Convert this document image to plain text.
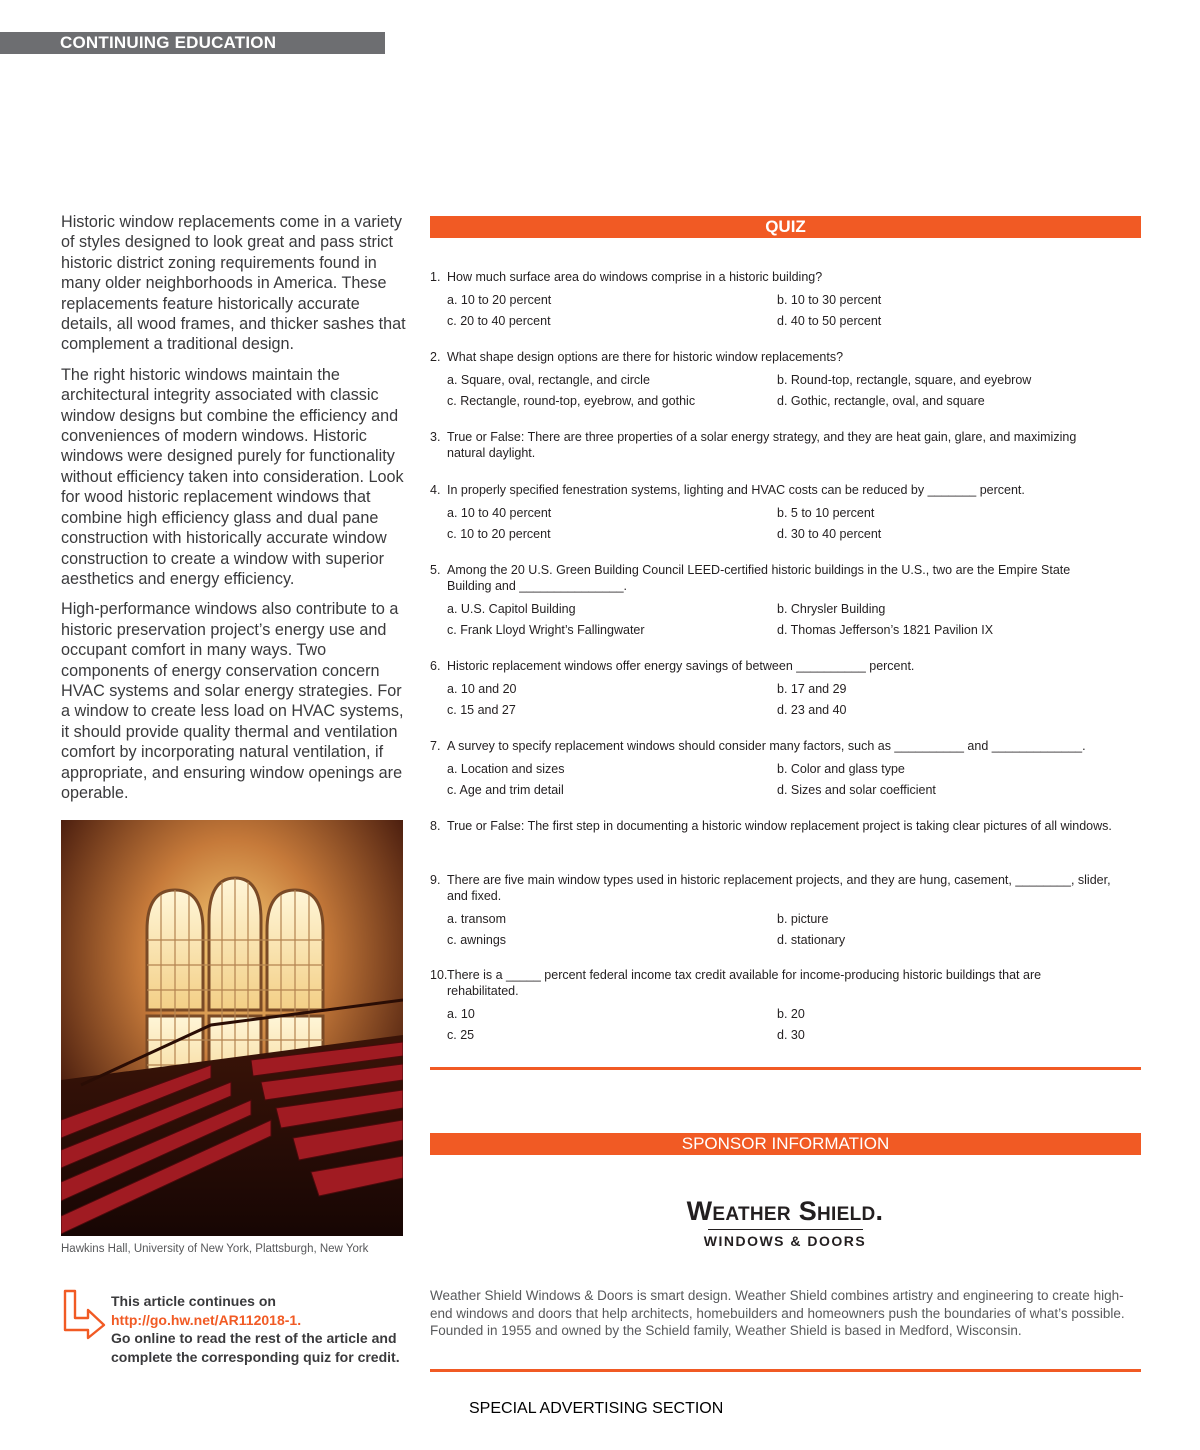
CONTINUING EDUCATION

Historic window replacements come in a variety of styles designed to look great and pass strict historic district zoning requirements found in many older neighborhoods in America. These replacements feature historically accurate details, all wood frames, and thicker sashes that complement a traditional design.

The right historic windows maintain the architectural integrity associated with classic window designs but combine the efficiency and conveniences of modern windows. Historic windows were designed purely for functionality without efficiency taken into consideration. Look for wood historic replacement windows that combine high efficiency glass and dual pane construction with historically accurate window construction to create a window with superior aesthetics and energy efficiency.

High-performance windows also contribute to a historic preservation project’s energy use and occupant comfort in many ways. Two components of energy conservation concern HVAC systems and solar energy strategies. For a window to create less load on HVAC systems, it should provide quality thermal and ventilation comfort by incorporating natural ventilation, if appropriate, and ensuring window openings are operable.

Hawkins Hall, University of New York, Plattsburgh, New York
This article continues on
http://go.hw.net/AR112018-1.
Go online to read the rest of the article and complete the corresponding quiz for credit.
QUIZ
1. How much surface area do windows comprise in a historic building?
a. 10 to 20 percent	b. 10 to 30 percent
c. 20 to 40 percent	d. 40 to 50 percent
2. What shape design options are there for historic window replacements?
a. Square, oval, rectangle, and circle	b. Round-top, rectangle, square, and eyebrow
c. Rectangle, round-top, eyebrow, and gothic	d. Gothic, rectangle, oval, and square
3. True or False: There are three properties of a solar energy strategy, and they are heat gain, glare, and maximizing natural daylight.
4. In properly specified fenestration systems, lighting and HVAC costs can be reduced by _______ percent.
a. 10 to 40 percent	b. 5 to 10 percent
c. 10 to 20 percent	d. 30 to 40 percent
5. Among the 20 U.S. Green Building Council LEED-certified historic buildings in the U.S., two are the Empire State Building and _______________.
a. U.S. Capitol Building	b. Chrysler Building
c. Frank Lloyd Wright’s Fallingwater	d. Thomas Jefferson’s 1821 Pavilion IX
6. Historic replacement windows offer energy savings of between __________ percent.
a. 10 and 20	b. 17 and 29
c. 15 and 27	d. 23 and 40
7. A survey to specify replacement windows should consider many factors, such as __________ and _____________.
a. Location and sizes	b. Color and glass type
c. Age and trim detail	d. Sizes and solar coefficient
8. True or False: The first step in documenting a historic window replacement project is taking clear pictures of all windows.
9. There are five main window types used in historic replacement projects, and they are hung, casement, ________, slider, and fixed.
a. transom	b. picture
c. awnings	d. stationary
10. There is a _____ percent federal income tax credit available for income-producing historic buildings that are rehabilitated.
a. 10	b. 20
c. 25	d. 30
SPONSOR INFORMATION
Weather Shield.
WINDOWS & DOORS
Weather Shield Windows & Doors is smart design. Weather Shield combines artistry and engineering to create high-end windows and doors that help architects, homebuilders and homeowners push the boundaries of what’s possible. Founded in 1955 and owned by the Schield family, Weather Shield is based in Medford, Wisconsin.
SPECIAL ADVERTISING SECTION
